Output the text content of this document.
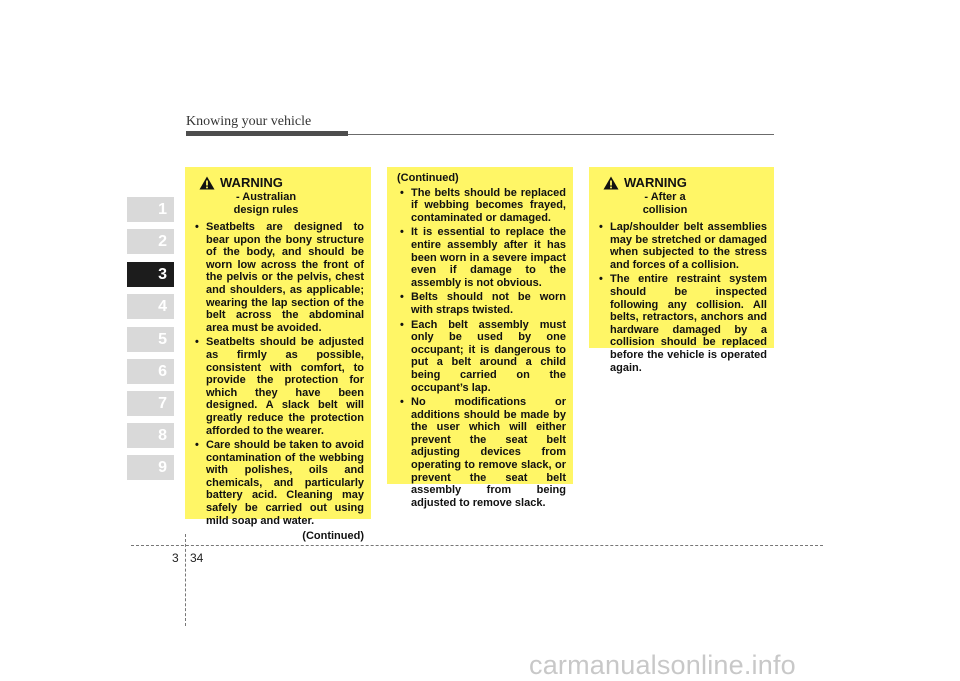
Knowing your vehicle
1
2
3
4
5
6
7
8
9
WARNING - Australian design rules
• Seatbelts are designed to bear upon the bony structure of the body, and should be worn low across the front of the pelvis or the pelvis, chest and shoulders, as applicable; wearing the lap section of the belt across the abdominal area must be avoided.
• Seatbelts should be adjusted as firmly as possible, consistent with comfort, to provide the protection for which they have been designed. A slack belt will greatly reduce the protection afforded to the wearer.
• Care should be taken to avoid contamination of the webbing with polishes, oils and chemicals, and particularly battery acid. Cleaning may safely be carried out using mild soap and water.
(Continued)
(Continued)
• The belts should be replaced if webbing becomes frayed, contaminated or damaged.
• It is essential to replace the entire assembly after it has been worn in a severe impact even if damage to the assembly is not obvious.
• Belts should not be worn with straps twisted.
• Each belt assembly must only be used by one occupant; it is dangerous to put a belt around a child being carried on the occupant’s lap.
• No modifications or additions should be made by the user which will either prevent the seat belt adjusting devices from operating to remove slack, or prevent the seat belt assembly from being adjusted to remove slack.
WARNING - After a collision
• Lap/shoulder belt assemblies may be stretched or damaged when subjected to the stress and forces of a collision.
• The entire restraint system should be inspected following any collision. All belts, retractors, anchors and hardware damaged by a collision should be replaced before the vehicle is operated again.
3 34
carmanualsonline.info
